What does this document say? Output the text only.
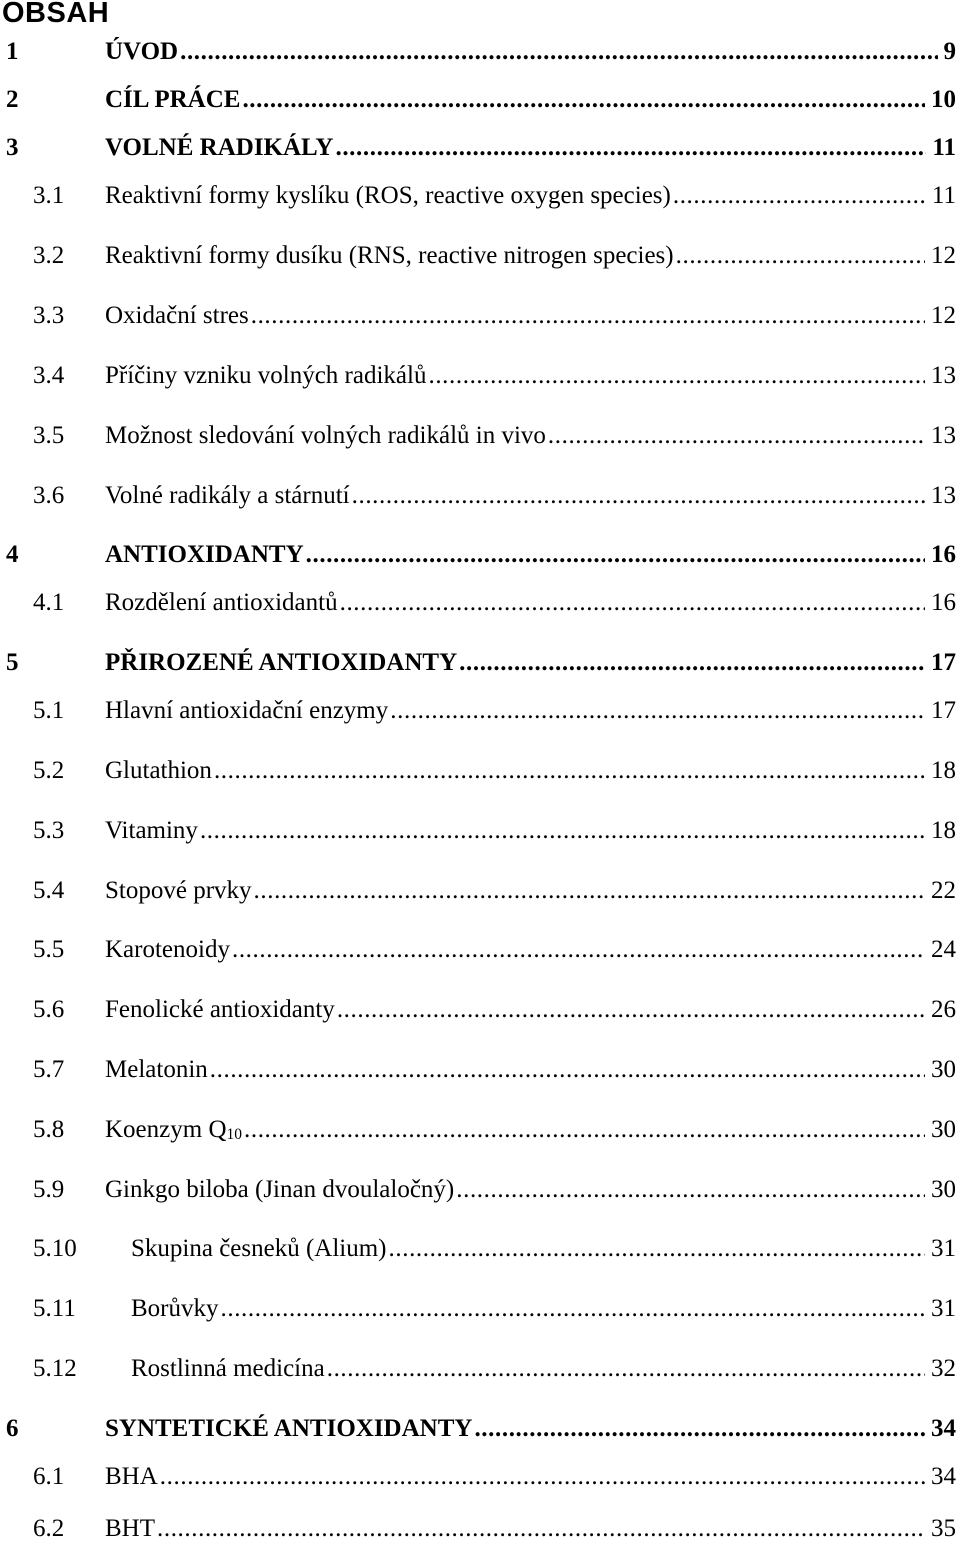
OBSAH
1	ÚVOD .....	9
2	CÍL PRÁCE .....	10
3	VOLNÉ RADIKÁLY .....	11
3.1 Reaktivní formy kyslíku (ROS, reactive oxygen species) .....	11
3.2 Reaktivní formy dusíku (RNS, reactive nitrogen species) .....	12
3.3 Oxidační stres .....	12
3.4 Příčiny vzniku volných radikálů .....	13
3.5 Možnost sledování volných radikálů in vivo .....	13
3.6 Volné radikály a stárnutí .....	13
4	ANTIOXIDANTY .....	16
4.1 Rozdělení antioxidantů .....	16
5	PŘIROZENÉ ANTIOXIDANTY .....	17
5.1 Hlavní antioxidační enzymy .....	17
5.2 Glutathion .....	18
5.3 Vitaminy .....	18
5.4 Stopové prvky .....	22
5.5 Karotenoidy .....	24
5.6 Fenolické antioxidanty .....	26
5.7 Melatonin .....	30
5.8 Koenzym Q10 .....	30
5.9 Ginkgo biloba (Jinan dvoulaločný) .....	30
5.10 Skupina česneků (Alium) .....	31
5.11 Borůvky .....	31
5.12 Rostlinná medicína .....	32
6	SYNTETICKÉ ANTIOXIDANTY .....	34
6.1 BHA .....	34
6.2 BHT .....	35
